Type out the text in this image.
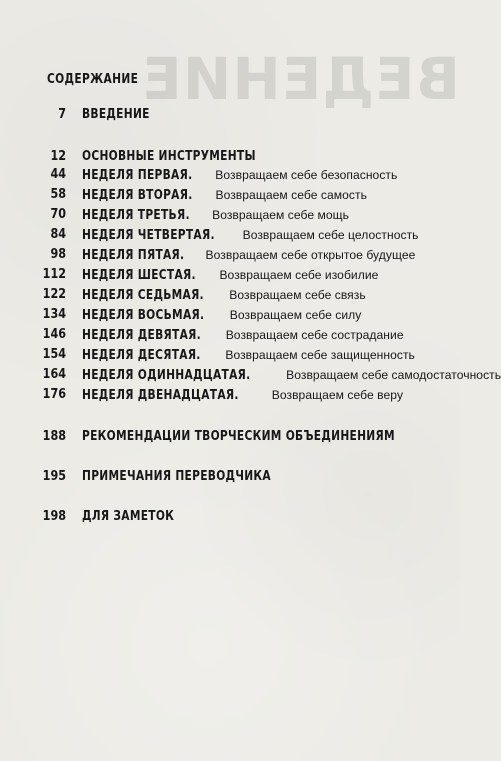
ВЕДЕНИЕ
СОДЕРЖАНИЕ
7 ВВЕДЕНИЕ
12 ОСНОВНЫЕ ИНСТРУМЕНТЫ
44 НЕДЕЛЯ ПЕРВАЯ. Возвращаем себе безопасность
58 НЕДЕЛЯ ВТОРАЯ. Возвращаем себе самость
70 НЕДЕЛЯ ТРЕТЬЯ. Возвращаем себе мощь
84 НЕДЕЛЯ ЧЕТВЕРТАЯ. Возвращаем себе целостность
98 НЕДЕЛЯ ПЯТАЯ. Возвращаем себе открытое будущее
112 НЕДЕЛЯ ШЕСТАЯ. Возвращаем себе изобилие
122 НЕДЕЛЯ СЕДЬМАЯ. Возвращаем себе связь
134 НЕДЕЛЯ ВОСЬМАЯ. Возвращаем себе силу
146 НЕДЕЛЯ ДЕВЯТАЯ. Возвращаем себе сострадание
154 НЕДЕЛЯ ДЕСЯТАЯ. Возвращаем себе защищенность
164 НЕДЕЛЯ ОДИННАДЦАТАЯ.	Возвращаем себе самодостаточность
176 НЕДЕЛЯ ДВЕНАДЦАТАЯ.	Возвращаем себе веру
188 РЕКОМЕНДАЦИИ ТВОРЧЕСКИМ ОБЪЕДИНЕНИЯМ
195 ПРИМЕЧАНИЯ ПЕРЕВОДЧИКА
198 ДЛЯ ЗАМЕТОК
